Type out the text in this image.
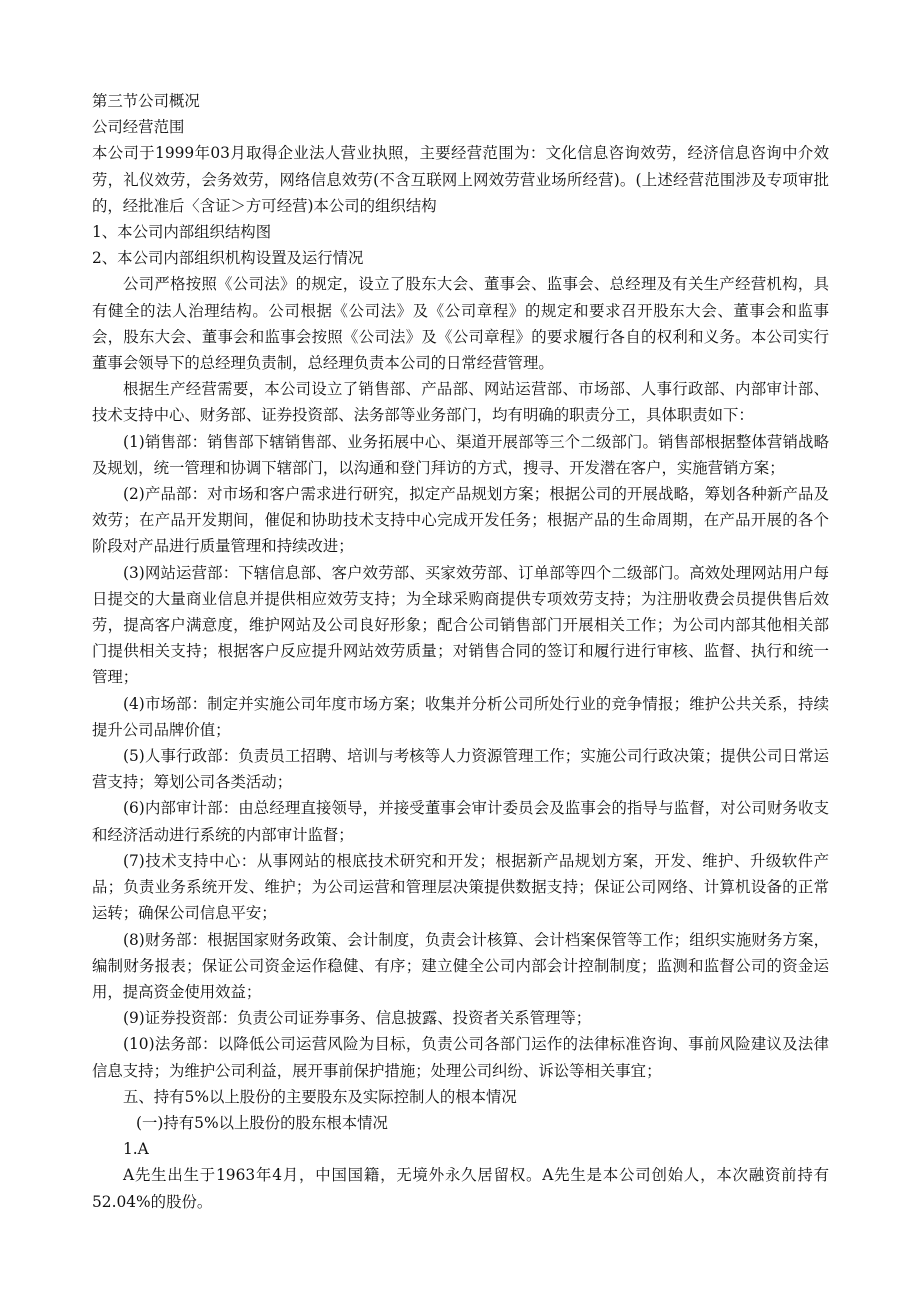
第三节公司概况

公司经营范围

本公司于1999年03月取得企业法人营业执照，主要经营范围为：文化信息咨询效劳，经济信息咨询中介效劳，礼仪效劳，会务效劳，网络信息效劳(不含互联网上网效劳营业场所经营)。(上述经营范围涉及专项审批的，经批准后〈含证＞方可经营)本公司的组织结构

1、本公司内部组织结构图

2、本公司内部组织机构设置及运行情况

公司严格按照《公司法》的规定，设立了股东大会、董事会、监事会、总经理及有关生产经营机构，具有健全的法人治理结构。公司根据《公司法》及《公司章程》的规定和要求召开股东大会、董事会和监事会，股东大会、董事会和监事会按照《公司法》及《公司章程》的要求履行各自的权利和义务。本公司实行董事会领导下的总经理负责制，总经理负责本公司的日常经营管理。

根据生产经营需要，本公司设立了销售部、产品部、网站运营部、市场部、人事行政部、内部审计部、技术支持中心、财务部、证券投资部、法务部等业务部门，均有明确的职责分工，具体职责如下：

(1)销售部：销售部下辖销售部、业务拓展中心、渠道开展部等三个二级部门。销售部根据整体营销战略及规划，统一管理和协调下辖部门，以沟通和登门拜访的方式，搜寻、开发潜在客户，实施营销方案；

(2)产品部：对市场和客户需求进行研究，拟定产品规划方案；根据公司的开展战略，筹划各种新产品及效劳；在产品开发期间，催促和协助技术支持中心完成开发任务；根据产品的生命周期，在产品开展的各个阶段对产品进行质量管理和持续改进；

(3)网站运营部：下辖信息部、客户效劳部、买家效劳部、订单部等四个二级部门。高效处理网站用户每日提交的大量商业信息并提供相应效劳支持；为全球采购商提供专项效劳支持；为注册收费会员提供售后效劳，提高客户满意度，维护网站及公司良好形象；配合公司销售部门开展相关工作；为公司内部其他相关部门提供相关支持；根据客户反应提升网站效劳质量；对销售合同的签订和履行进行审核、监督、执行和统一管理；

(4)市场部：制定并实施公司年度市场方案；收集并分析公司所处行业的竞争情报；维护公共关系，持续提升公司品牌价值；

(5)人事行政部：负责员工招聘、培训与考核等人力资源管理工作；实施公司行政决策；提供公司日常运营支持；筹划公司各类活动；

(6)内部审计部：由总经理直接领导，并接受董事会审计委员会及监事会的指导与监督，对公司财务收支和经济活动进行系统的内部审计监督；

(7)技术支持中心：从事网站的根底技术研究和开发；根据新产品规划方案，开发、维护、升级软件产品；负责业务系统开发、维护；为公司运营和管理层决策提供数据支持；保证公司网络、计算机设备的正常运转；确保公司信息平安；

(8)财务部：根据国家财务政策、会计制度，负责会计核算、会计档案保管等工作；组织实施财务方案，编制财务报表；保证公司资金运作稳健、有序；建立健全公司内部会计控制制度；监测和监督公司的资金运用，提高资金使用效益；

(9)证券投资部：负责公司证券事务、信息披露、投资者关系管理等；

(10)法务部：以降低公司运营风险为目标，负责公司各部门运作的法律标准咨询、事前风险建议及法律信息支持；为维护公司利益，展开事前保护措施；处理公司纠纷、诉讼等相关事宜；

五、持有5%以上股份的主要股东及实际控制人的根本情况

(一)持有5%以上股份的股东根本情况

1.A

A先生出生于1963年4月，中国国籍，无境外永久居留权。A先生是本公司创始人，本次融资前持有52.04%的股份。
